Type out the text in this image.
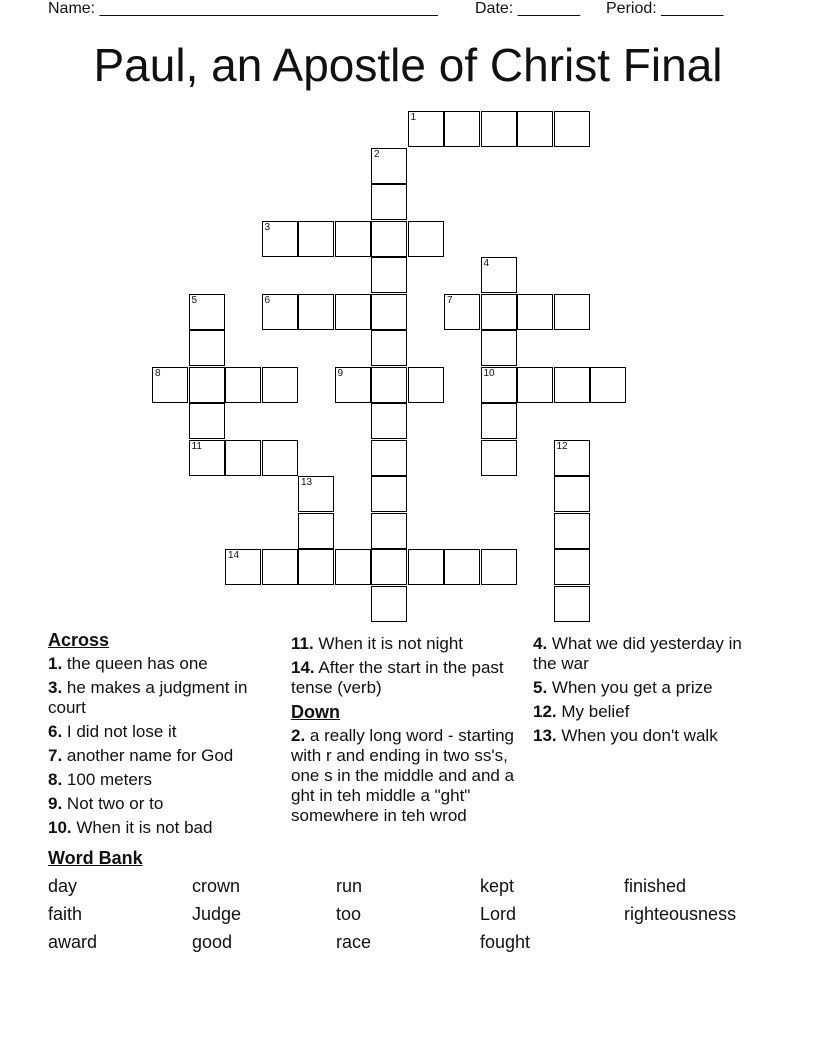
Name: ______________________________________ Date: _______ Period: _______
Paul, an Apostle of Christ Final
1
2
3
4
5	6	7
8	9	10
11	12
13
14
Across
1. the queen has one
3. he makes a judgment in court
6. I did not lose it
7. another name for God
8. 100 meters
9. Not two or to
10. When it is not bad
11. When it is not night
14. After the start in the past tense (verb)
Down
2. a really long word - starting with r and ending in two ss's, one s in the middle and and a ght in teh middle a "ght" somewhere in teh wrod
4. What we did yesterday in the war
5. When you get a prize
12. My belief
13. When you don't walk
Word Bank
day	crown	run	kept	finished
faith	Judge	too	Lord	righteousness
award	good	race	fought
